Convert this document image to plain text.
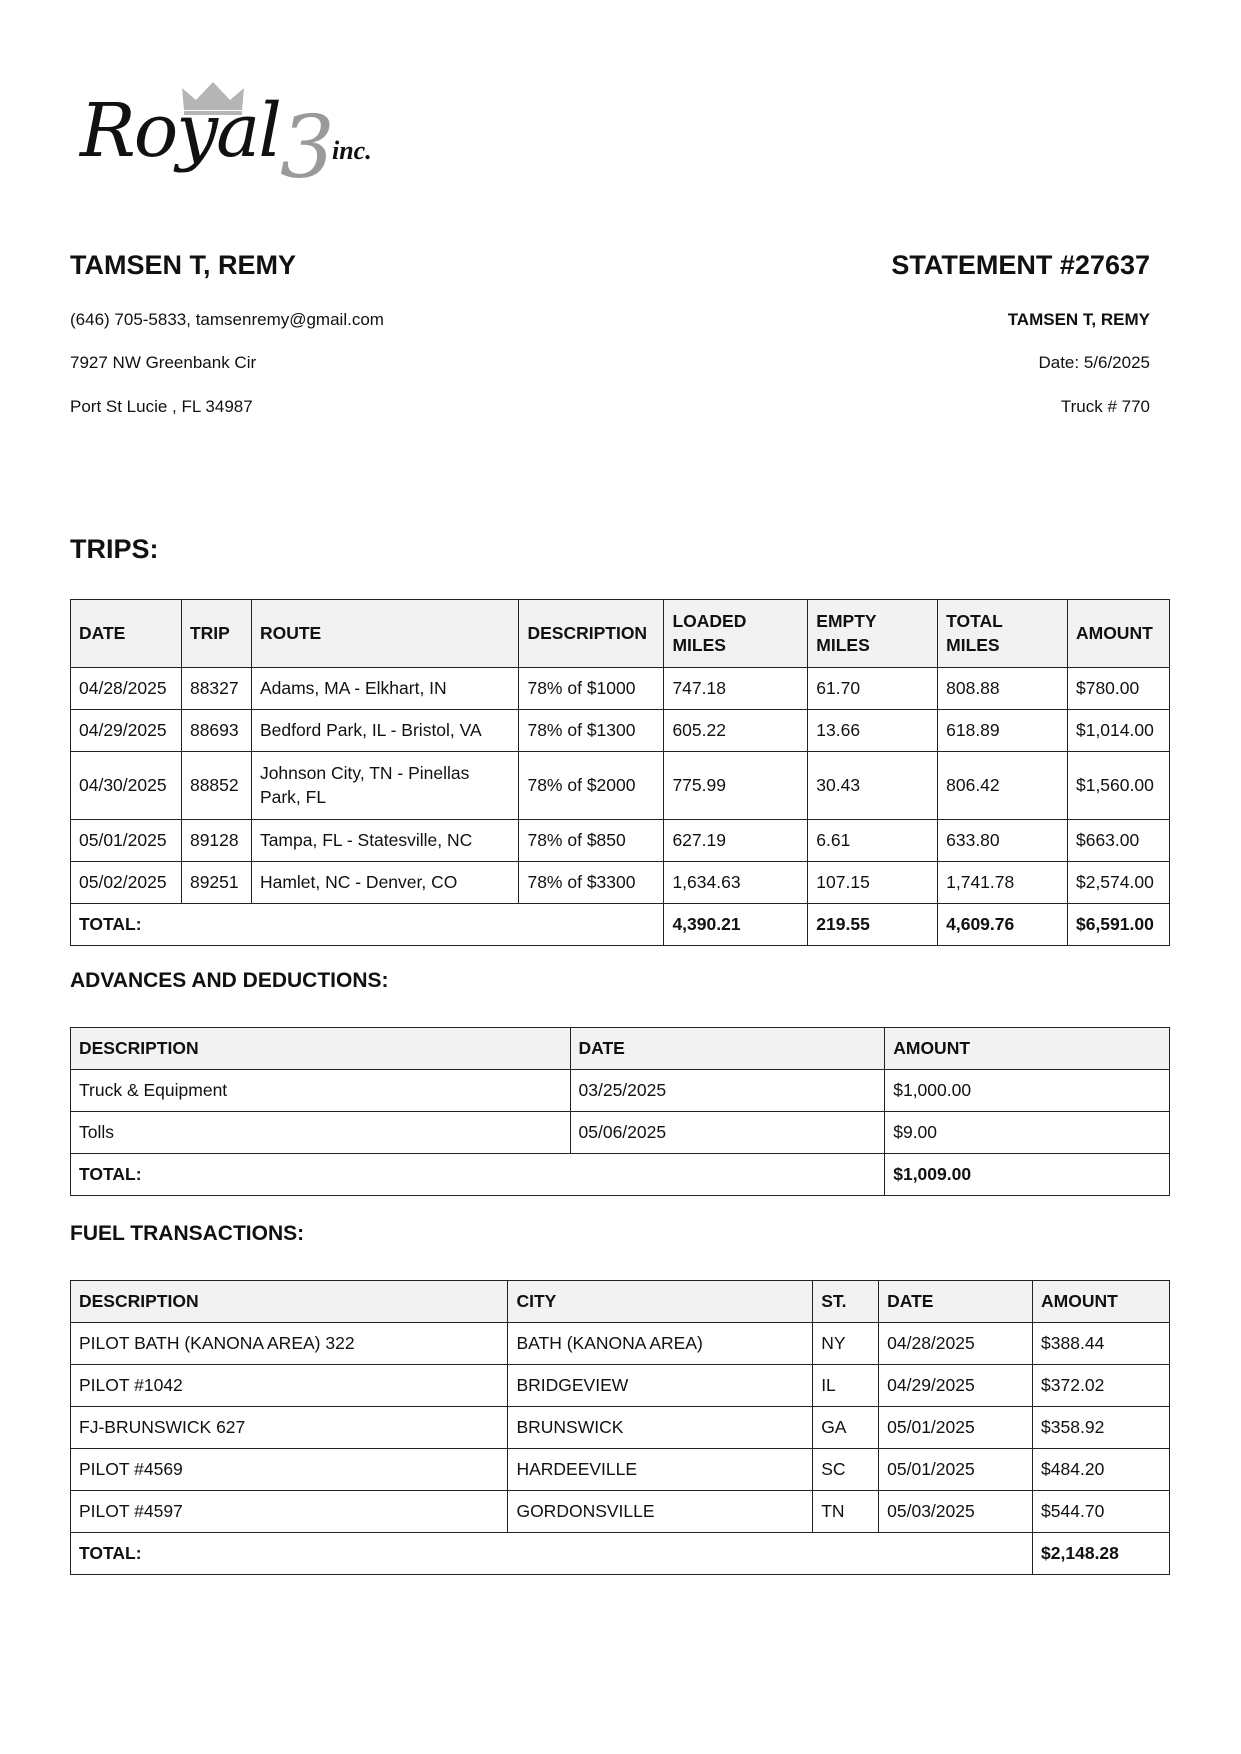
Royal 3
inc.
TAMSEN T, REMY	STATEMENT #27637
(646) 705-5833, tamsenremy@gmail.com
7927 NW Greenbank Cir
Port St Lucie , FL 34987
TAMSEN T, REMY
Date: 5/6/2025
Truck # 770
TRIPS:
DATE	TRIP	ROUTE	DESCRIPTION	LOADED MILES	EMPTY MILES	TOTAL MILES	AMOUNT
04/28/2025	88327	Adams, MA - Elkhart, IN	78% of $1000	747.18	61.70	808.88	$780.00
04/29/2025	88693	Bedford Park, IL - Bristol, VA	78% of $1300	605.22	13.66	618.89	$1,014.00
04/30/2025	88852	Johnson City, TN - Pinellas Park, FL	78% of $2000	775.99	30.43	806.42	$1,560.00
05/01/2025	89128	Tampa, FL - Statesville, NC	78% of $850	627.19	6.61	633.80	$663.00
05/02/2025	89251	Hamlet, NC - Denver, CO	78% of $3300	1,634.63	107.15	1,741.78	$2,574.00
TOTAL:				4,390.21	219.55	4,609.76	$6,591.00
ADVANCES AND DEDUCTIONS:
DESCRIPTION	DATE	AMOUNT
Truck & Equipment	03/25/2025	$1,000.00
Tolls	05/06/2025	$9.00
TOTAL:		$1,009.00
FUEL TRANSACTIONS:
DESCRIPTION	CITY	ST.	DATE	AMOUNT
PILOT BATH (KANONA AREA) 322	BATH (KANONA AREA)	NY	04/28/2025	$388.44
PILOT #1042	BRIDGEVIEW	IL	04/29/2025	$372.02
FJ-BRUNSWICK 627	BRUNSWICK	GA	05/01/2025	$358.92
PILOT #4569	HARDEEVILLE	SC	05/01/2025	$484.20
PILOT #4597	GORDONSVILLE	TN	05/03/2025	$544.70
TOTAL:				$2,148.28
